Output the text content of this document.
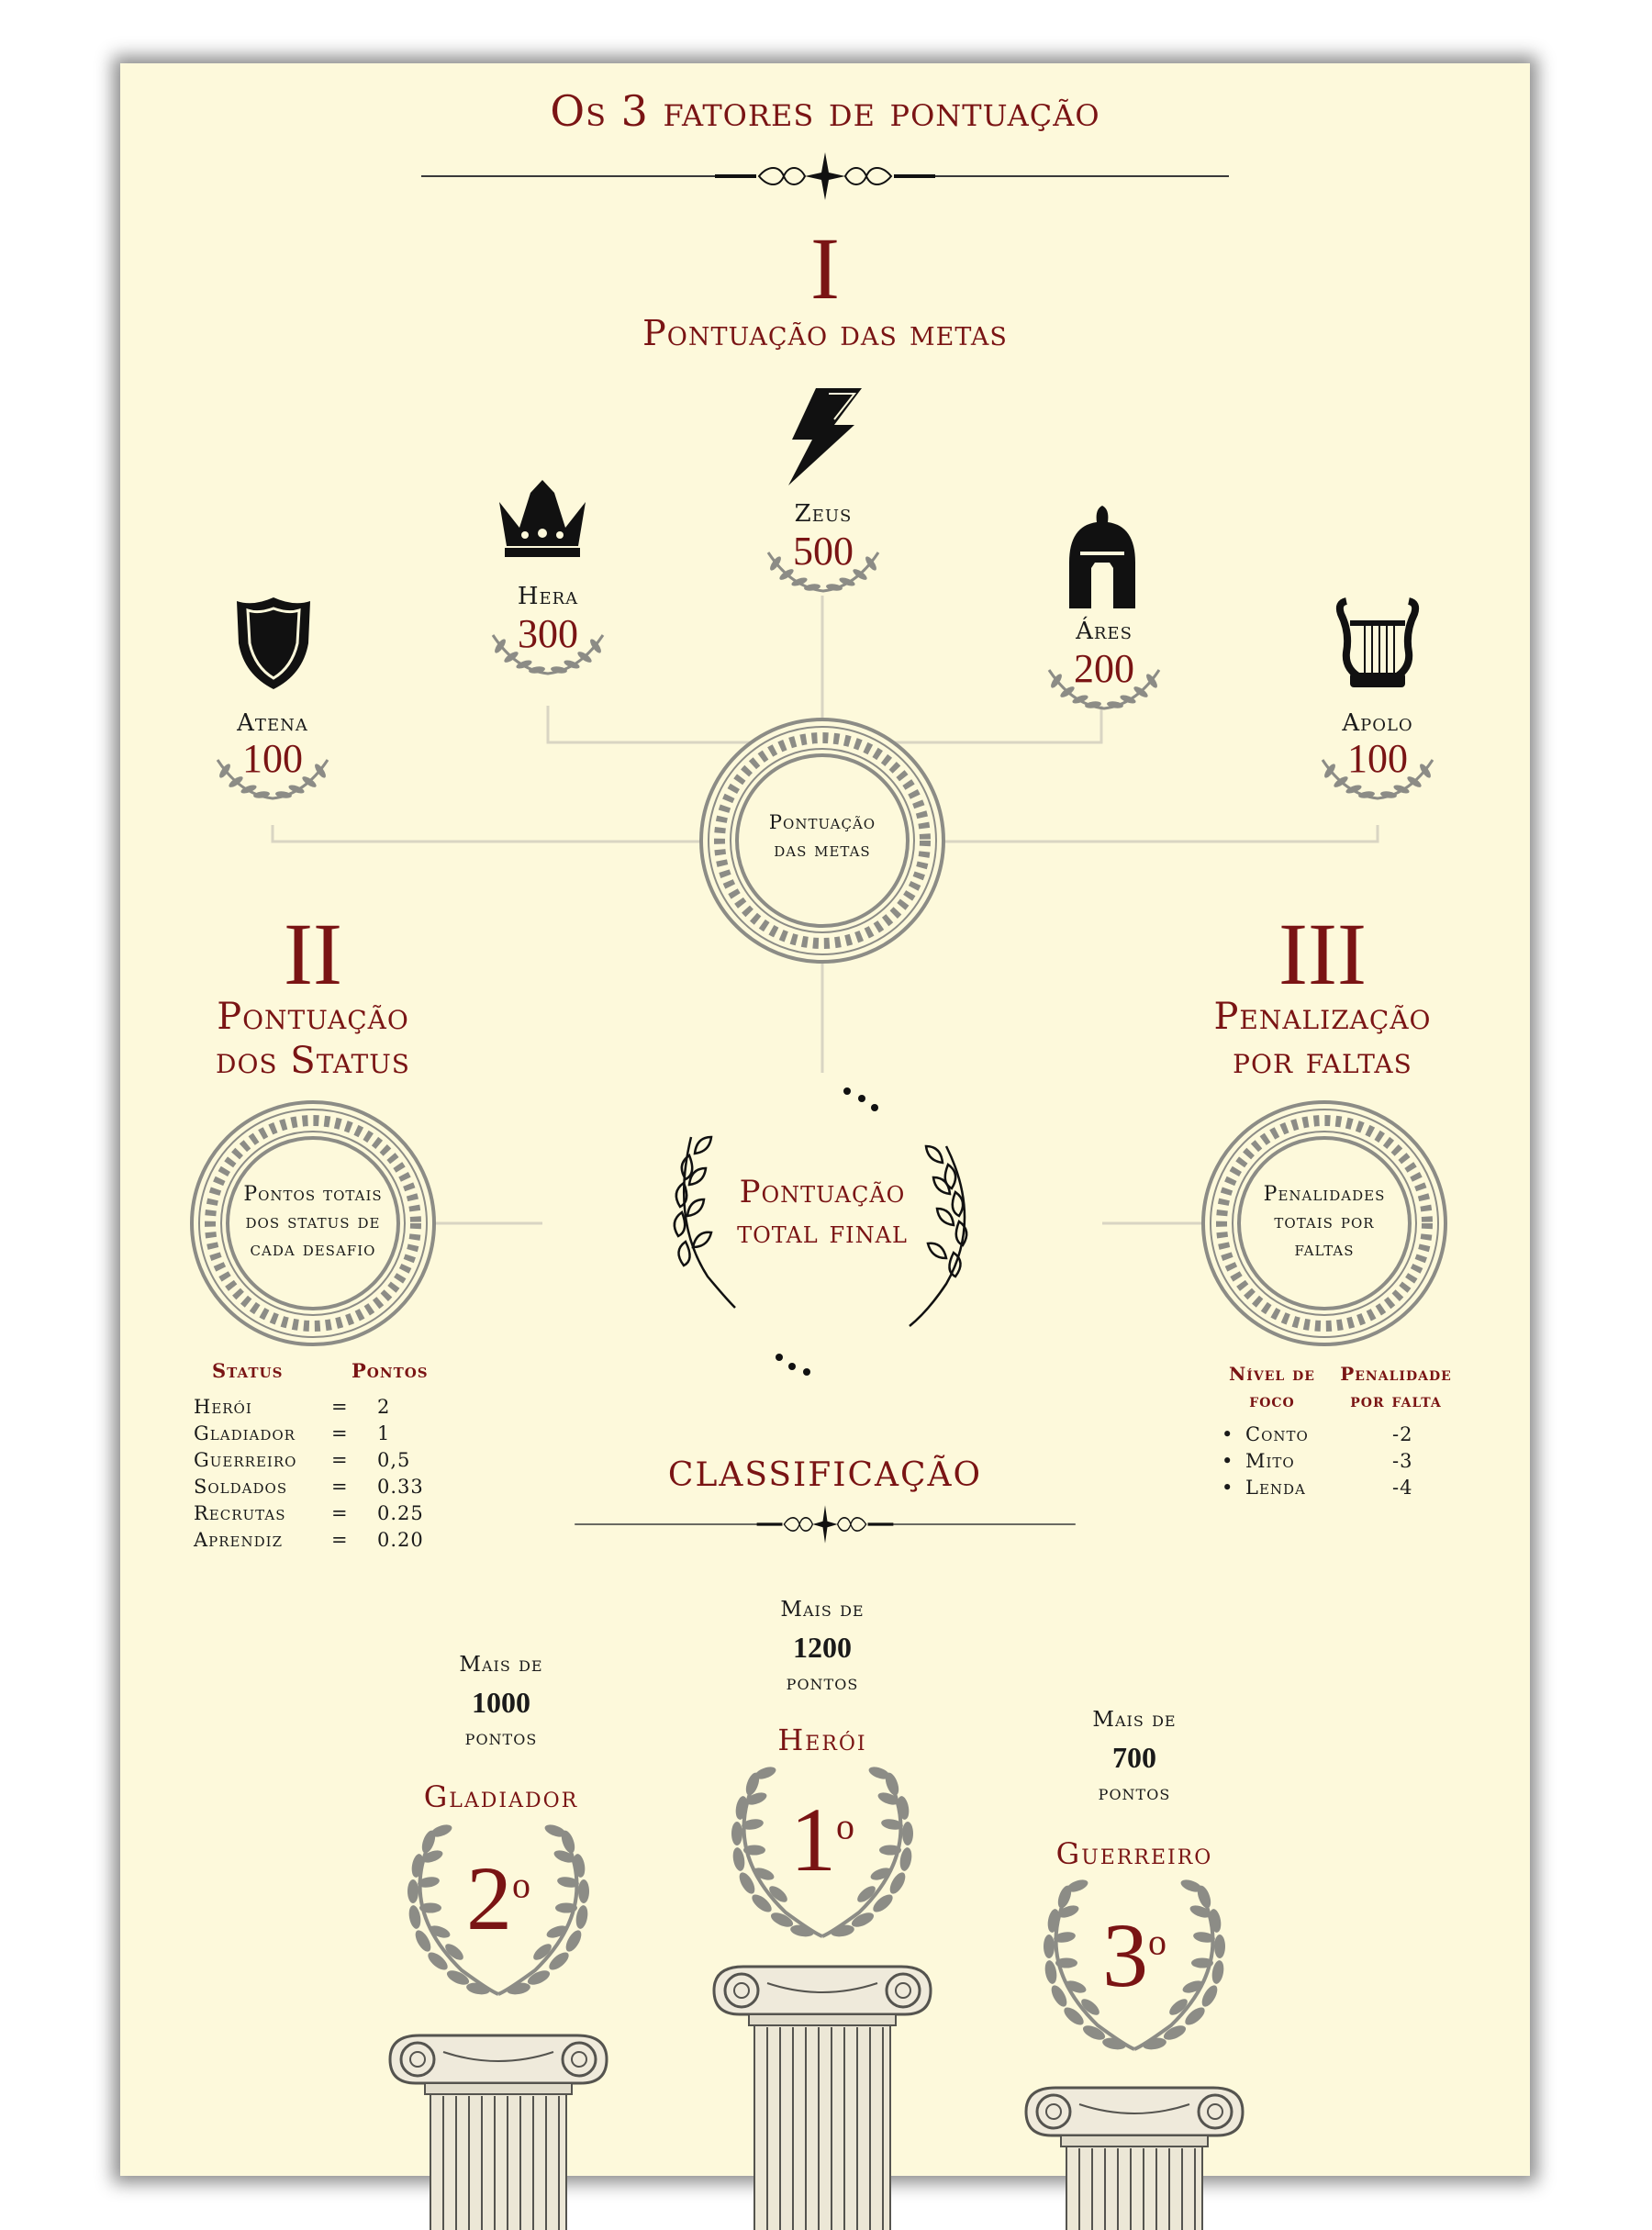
Os 3 fatores de pontuação
I
Pontuação das metas
Zeus
500
Hera
300
Atena
100
Áres
200
Apolo
100
Pontuação
das metas
II
Pontuação
dos Status
Pontos totais
dos status de
cada desafio
Status	Pontos
Herói	=	2
Gladiador	=	1
Guerreiro	=	0,5
Soldados	=	0.33
Recrutas	=	0.25
Aprendiz	=	0.20
III
Penalização
por faltas
Penalidades
totais por
faltas
Nível de
foco
Penalidade
por falta
• Conto	-2
• Mito	-3
• Lenda	-4
Pontuação
total final
CLASSIFICAÇÃO
Mais de
1200
pontos
Herói
1$^o$
Mais de
1000
pontos
Gladiador
2$^o$
Mais de
700
pontos
Guerreiro
3$^o$
